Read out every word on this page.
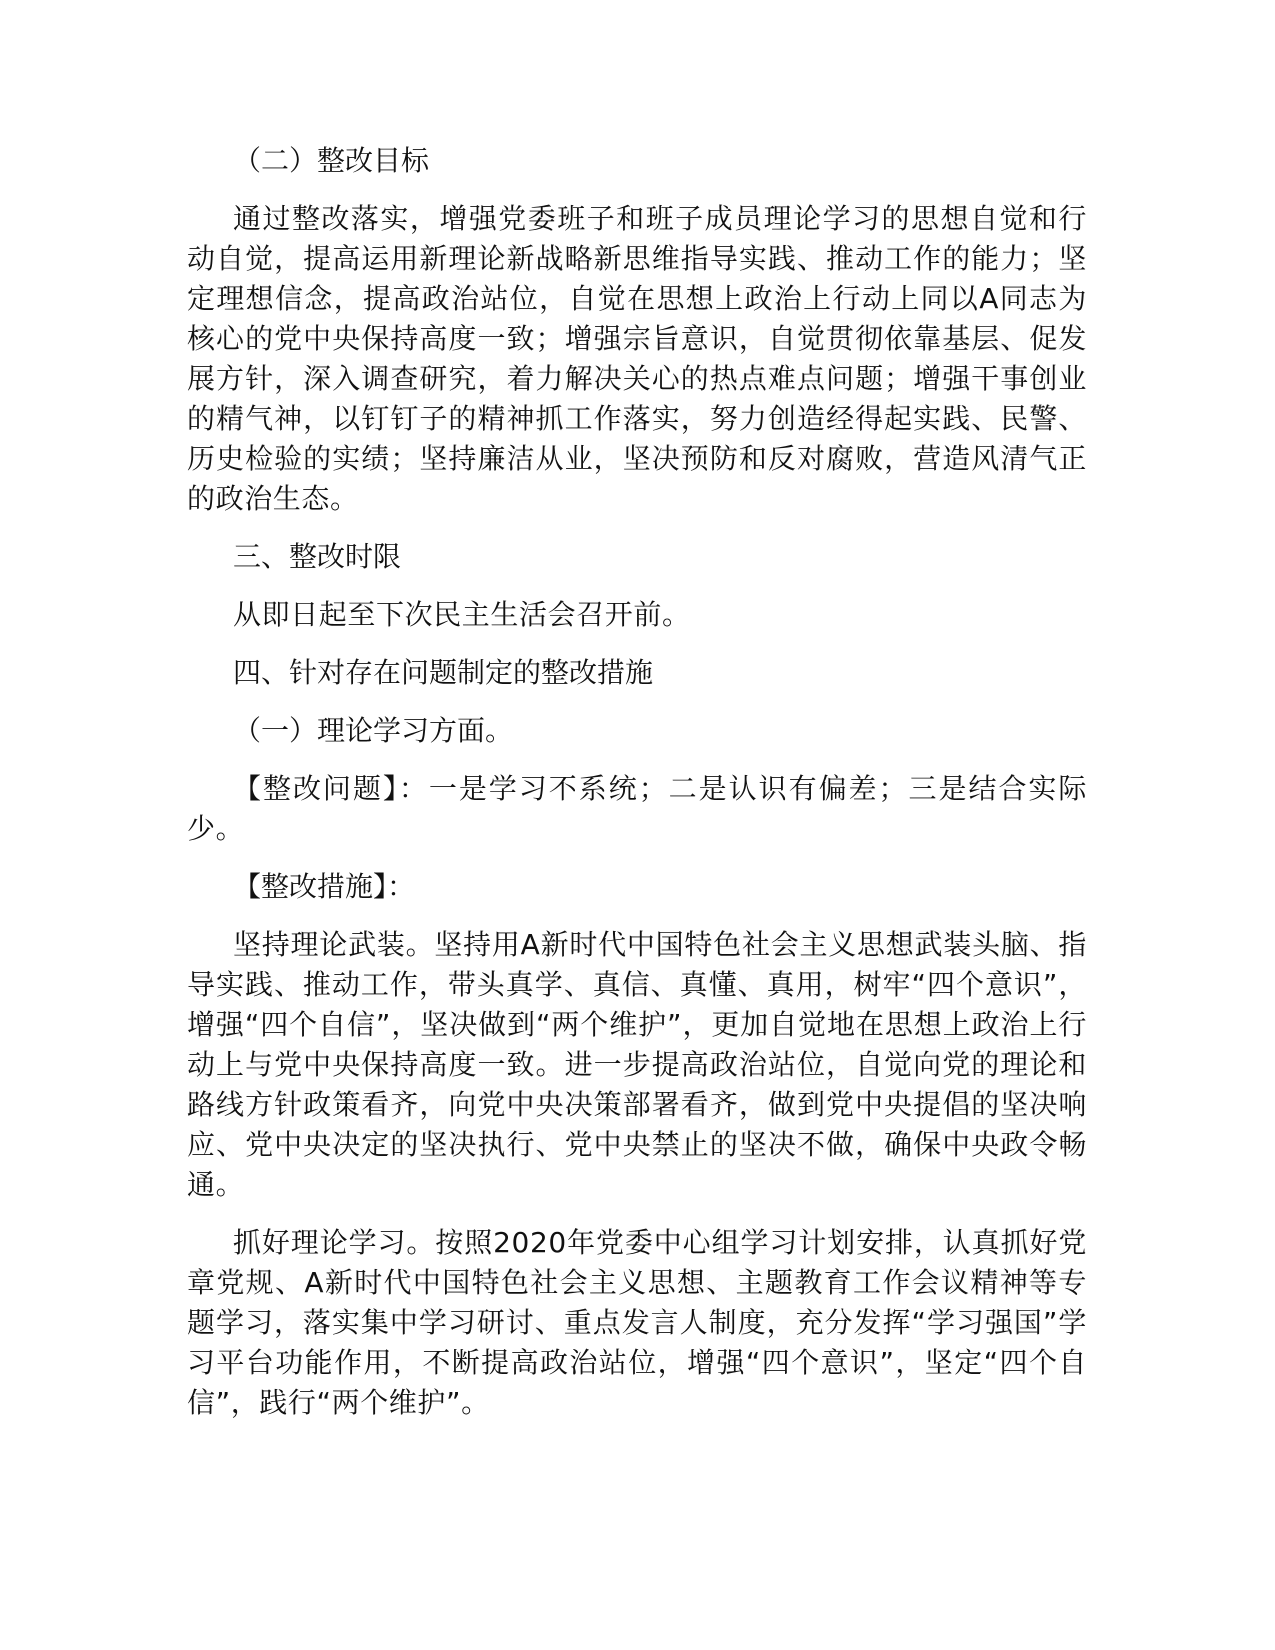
（二）整改目标

通过整改落实，增强党委班子和班子成员理论学习的思想自觉和行动自觉，提高运用新理论新战略新思维指导实践、推动工作的能力；坚定理想信念，提高政治站位，自觉在思想上政治上行动上同以A同志为核心的党中央保持高度一致；增强宗旨意识，自觉贯彻依靠基层、促发展方针，深入调查研究，着力解决关心的热点难点问题；增强干事创业的精气神，以钉钉子的精神抓工作落实，努力创造经得起实践、民警、历史检验的实绩；坚持廉洁从业，坚决预防和反对腐败，营造风清气正的政治生态。

三、整改时限

从即日起至下次民主生活会召开前。

四、针对存在问题制定的整改措施

（一）理论学习方面。

【整改问题】：一是学习不系统；二是认识有偏差；三是结合实际少。

【整改措施】：

坚持理论武装。坚持用A新时代中国特色社会主义思想武装头脑、指导实践、推动工作，带头真学、真信、真懂、真用，树牢“四个意识”，增强“四个自信”，坚决做到“两个维护”，更加自觉地在思想上政治上行动上与党中央保持高度一致。进一步提高政治站位，自觉向党的理论和路线方针政策看齐，向党中央决策部署看齐，做到党中央提倡的坚决响应、党中央决定的坚决执行、党中央禁止的坚决不做，确保中央政令畅通。

抓好理论学习。按照2020年党委中心组学习计划安排，认真抓好党章党规、A新时代中国特色社会主义思想、主题教育工作会议精神等专题学习，落实集中学习研讨、重点发言人制度，充分发挥“学习强国”学习平台功能作用，不断提高政治站位，增强“四个意识”，坚定“四个自信”，践行“两个维护”。
